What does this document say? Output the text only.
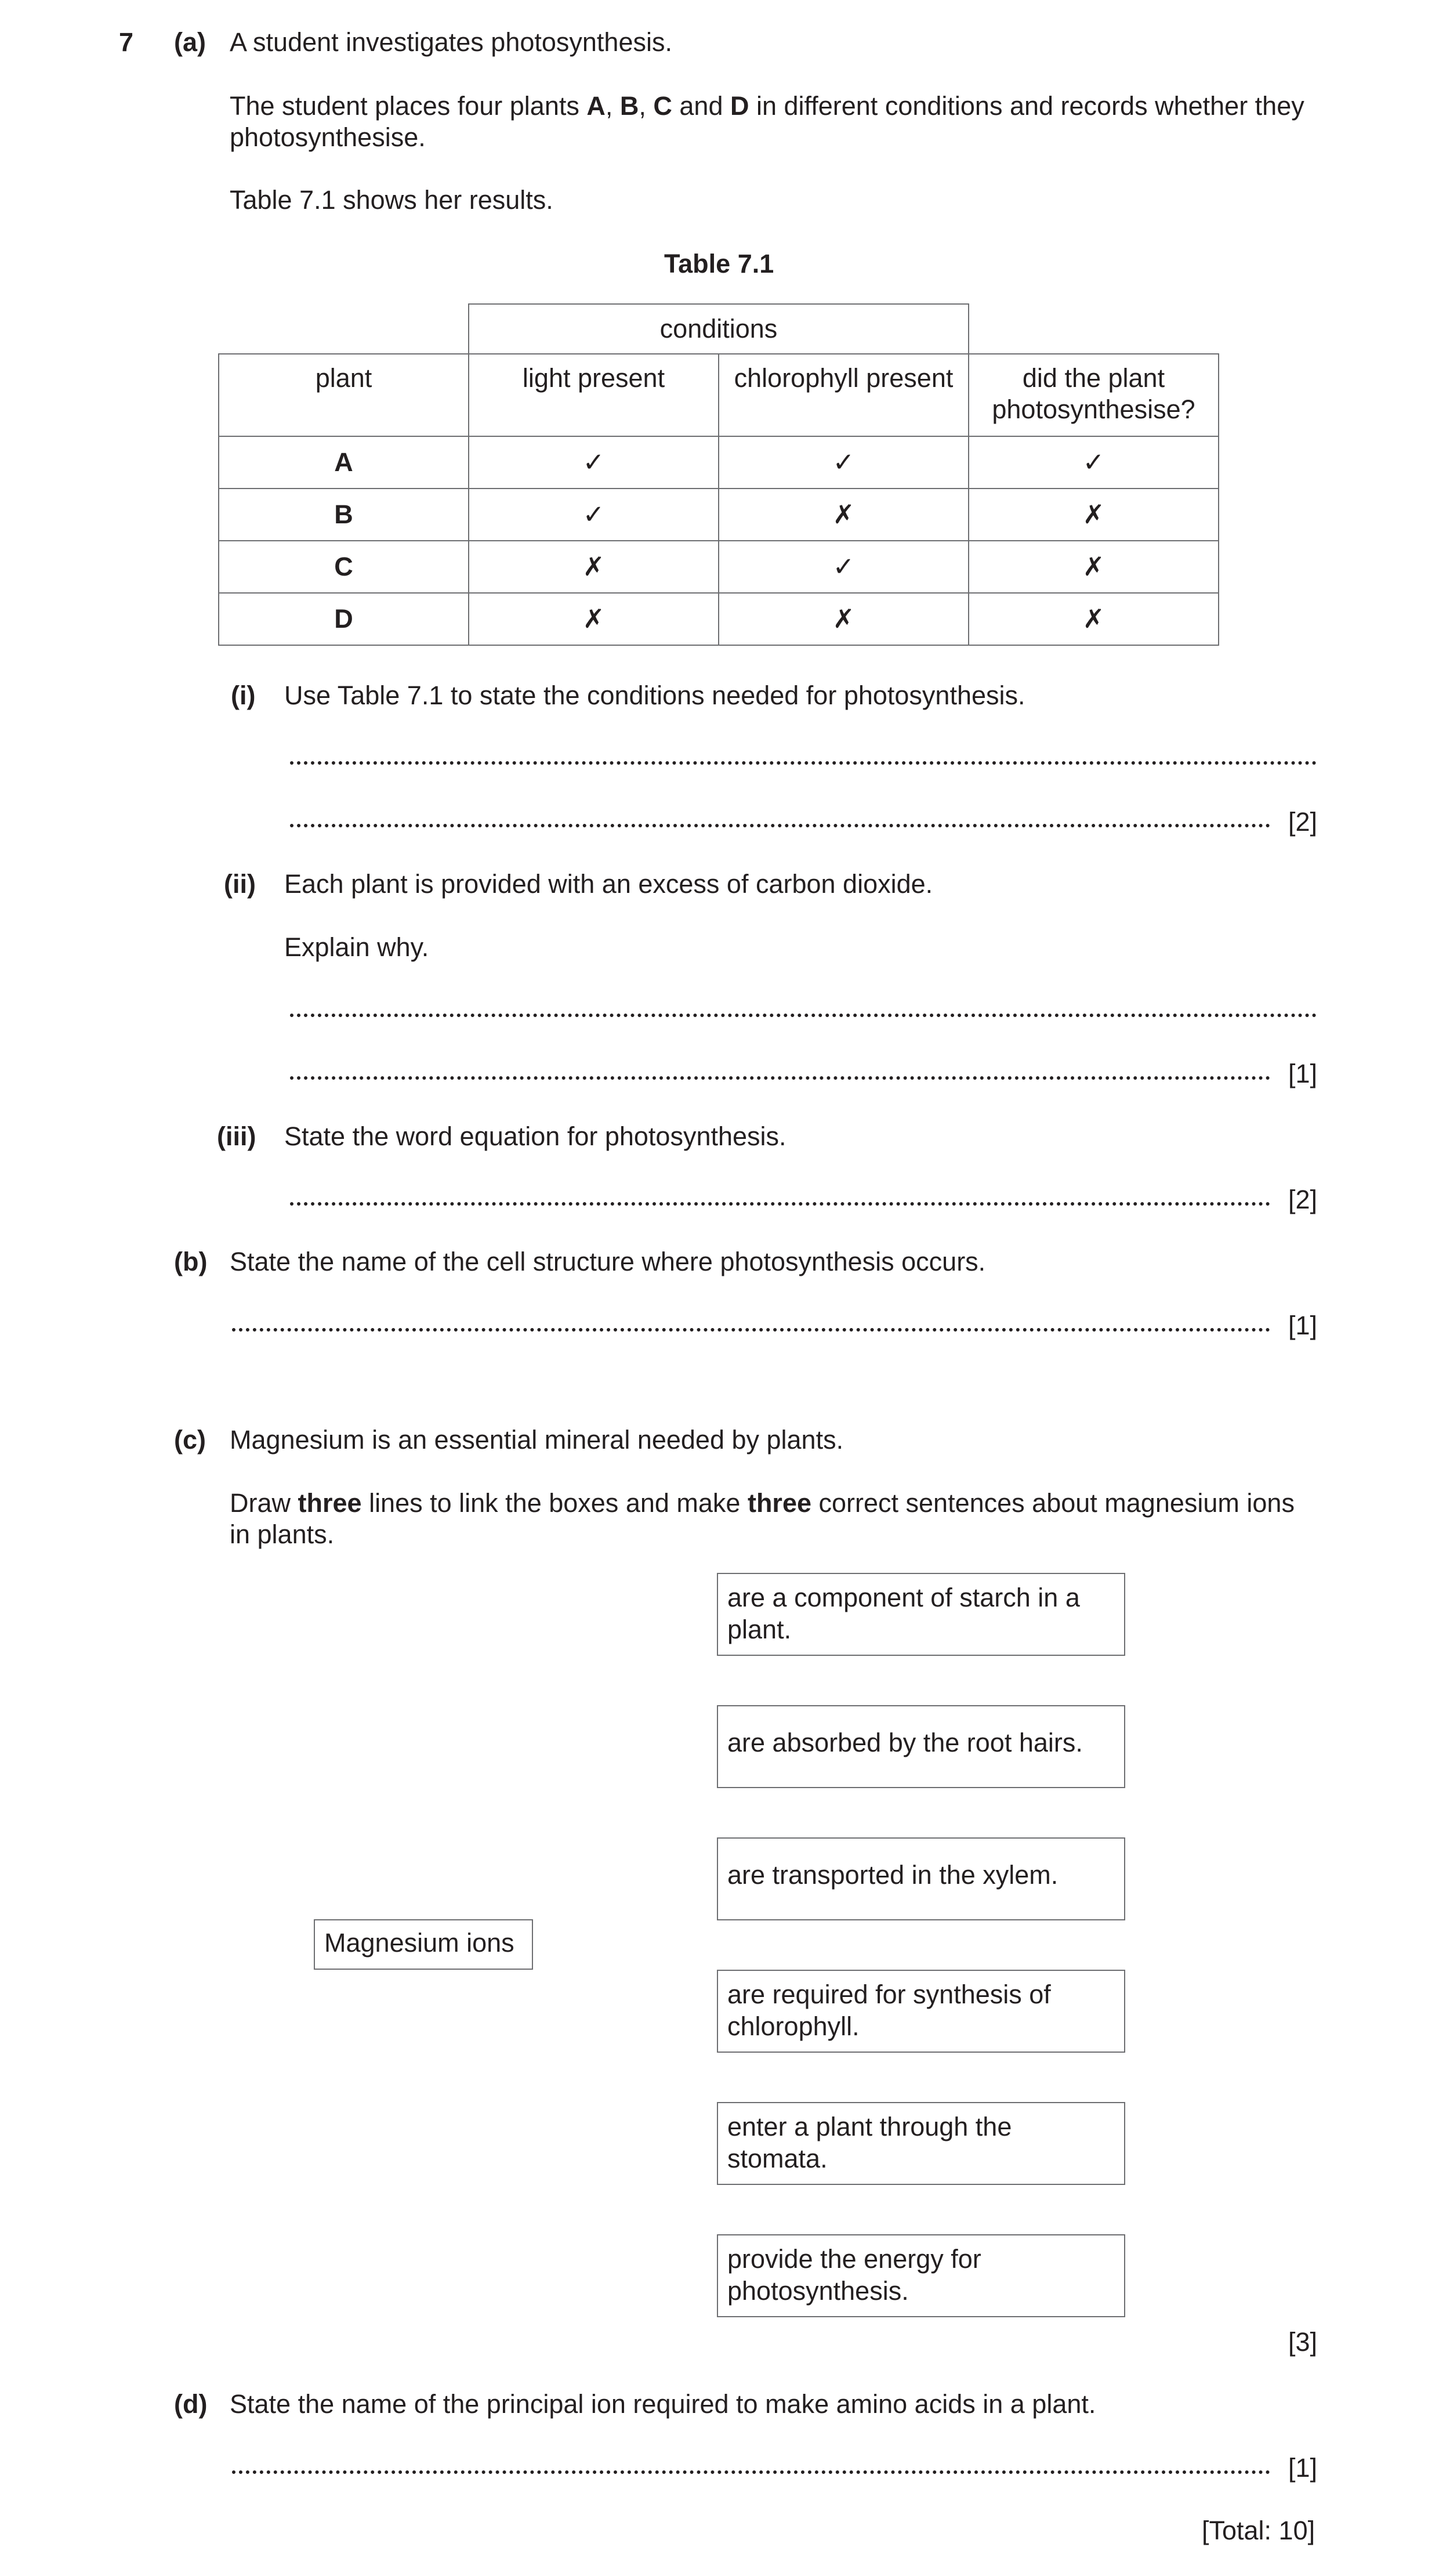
7 (a) A student investigates photosynthesis.
The student places four plants A, B, C and D in different conditions and records whether they
photosynthesise.
Table 7.1 shows her results.
Table 7.1
	conditions		
plant	light present	chlorophyll present	did the plant photosynthesise?
A	✓	✓	✓
B	✓	✗	✗
C	✗	✓	✗
D	✗	✗	✗
(i) Use Table 7.1 to state the conditions needed for photosynthesis.
[2]
(ii) Each plant is provided with an excess of carbon dioxide.
Explain why.
[1]
(iii) State the word equation for photosynthesis.
[2]
(b) State the name of the cell structure where photosynthesis occurs.
[1]
(c) Magnesium is an essential mineral needed by plants.
Draw three lines to link the boxes and make three correct sentences about magnesium ions
in plants.
Magnesium ions
are a component of starch in a plant.
are absorbed by the root hairs.
are transported in the xylem.
are required for synthesis of chlorophyll.
enter a plant through the stomata.
provide the energy for photosynthesis.
[3]
(d) State the name of the principal ion required to make amino acids in a plant.
[1]
[Total: 10]
